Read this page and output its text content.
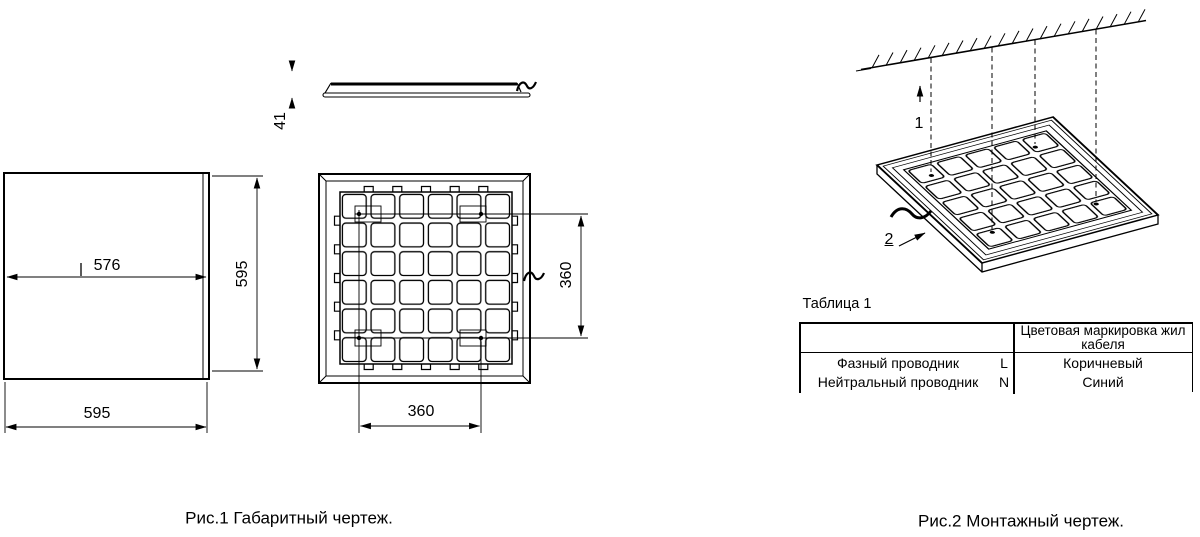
576	595
595
41
360
360
1
2
Рис.1 Габаритный чертеж.	Рис.2 Монтажный чертеж.
Таблица 1
Цветовая маркировка жил кабеля
Фазный проводник	L	Коричневый
Нейтральный проводник	N	Синий
